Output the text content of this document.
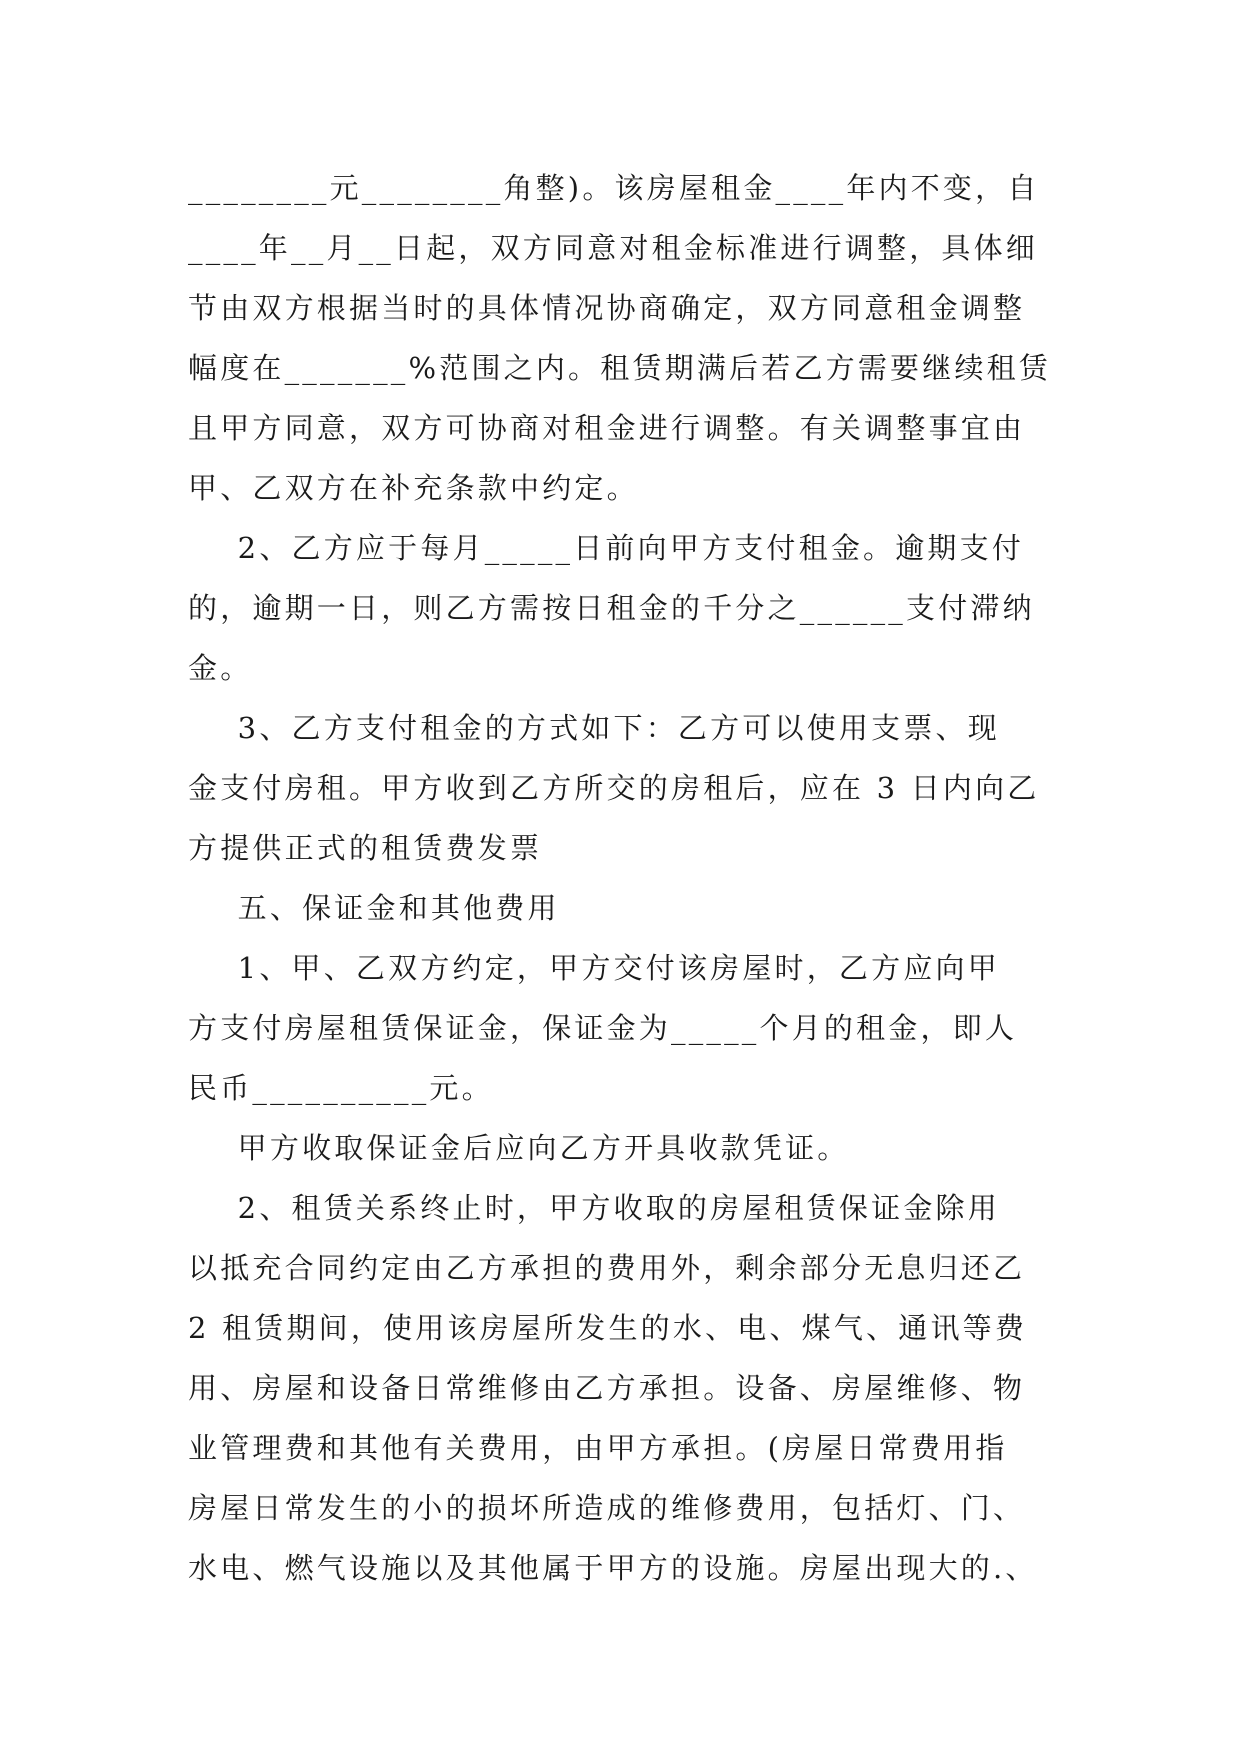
________元________角整)。该房屋租金____年内不变，自
____年__月__日起，双方同意对租金标准进行调整，具体细
节由双方根据当时的具体情况协商确定，双方同意租金调整
幅度在_______%范围之内。租赁期满后若乙方需要继续租赁
且甲方同意，双方可协商对租金进行调整。有关调整事宜由
甲、乙双方在补充条款中约定。
2、乙方应于每月_____日前向甲方支付租金。逾期支付
的，逾期一日，则乙方需按日租金的千分之______支付滞纳
金。
3、乙方支付租金的方式如下：乙方可以使用支票、现
金支付房租。甲方收到乙方所交的房租后，应在 3 日内向乙
方提供正式的租赁费发票
五、保证金和其他费用
1、甲、乙双方约定，甲方交付该房屋时，乙方应向甲
方支付房屋租赁保证金，保证金为_____个月的租金，即人
民币__________元。
甲方收取保证金后应向乙方开具收款凭证。
2、租赁关系终止时，甲方收取的房屋租赁保证金除用
以抵充合同约定由乙方承担的费用外，剩余部分无息归还乙
2 租赁期间，使用该房屋所发生的水、电、煤气、通讯等费
用、房屋和设备日常维修由乙方承担。设备、房屋维修、物
业管理费和其他有关费用，由甲方承担。(房屋日常费用指
房屋日常发生的小的损坏所造成的维修费用，包括灯、门、
水电、燃气设施以及其他属于甲方的设施。房屋出现大的.、
